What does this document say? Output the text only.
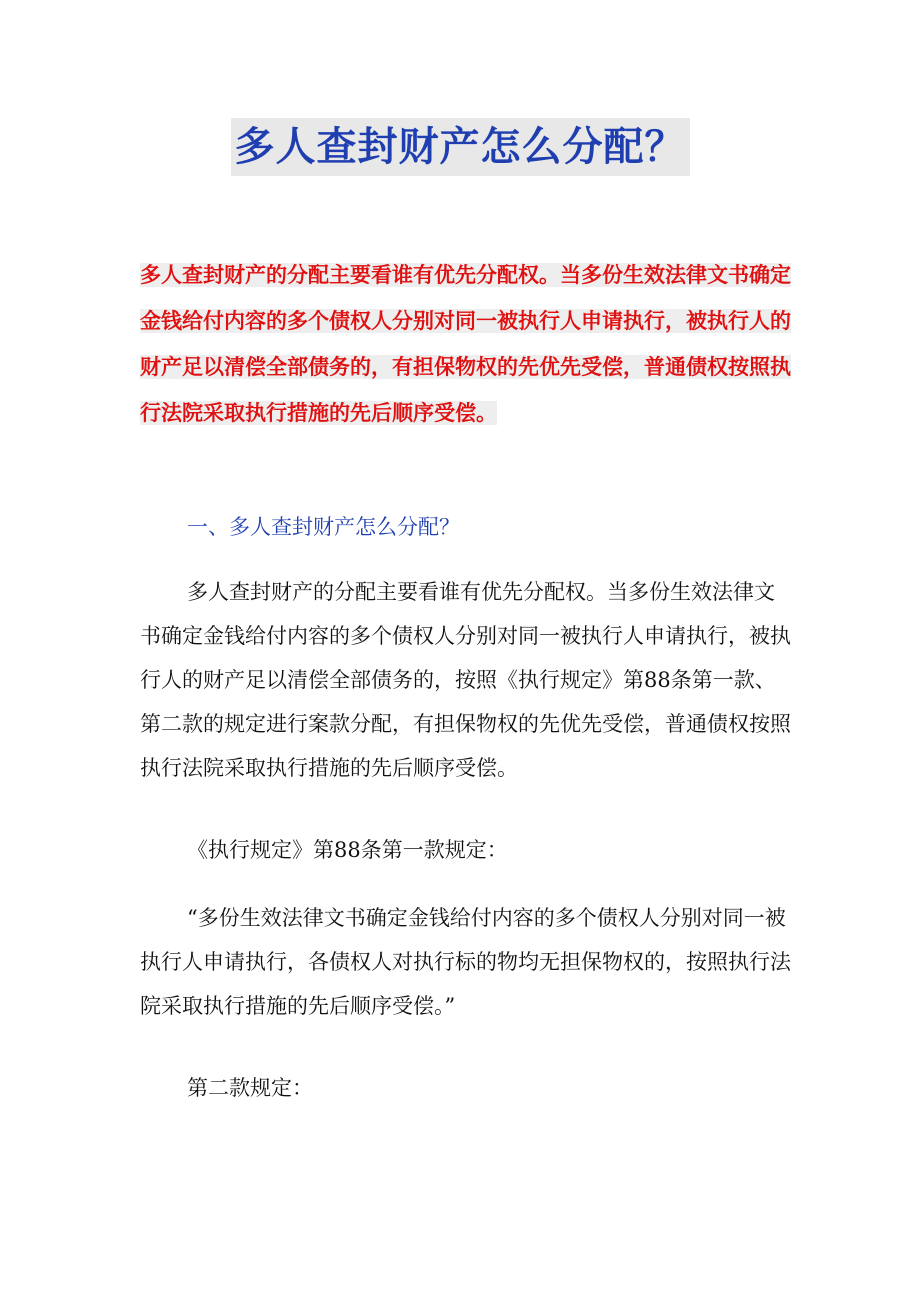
多人查封财产怎么分配？

多人查封财产的分配主要看谁有优先分配权。当多份生效法律文书确定金钱给付内容的多个债权人分别对同一被执行人申请执行，被执行人的财产足以清偿全部债务的，有担保物权的先优先受偿，普通债权按照执行法院采取执行措施的先后顺序受偿。

一、多人查封财产怎么分配？

多人查封财产的分配主要看谁有优先分配权。当多份生效法律文书确定金钱给付内容的多个债权人分别对同一被执行人申请执行，被执行人的财产足以清偿全部债务的，按照《执行规定》第88条第一款、第二款的规定进行案款分配，有担保物权的先优先受偿，普通债权按照执行法院采取执行措施的先后顺序受偿。

《执行规定》第88条第一款规定：

“多份生效法律文书确定金钱给付内容的多个债权人分别对同一被执行人申请执行，各债权人对执行标的物均无担保物权的，按照执行法院采取执行措施的先后顺序受偿。”

第二款规定：
